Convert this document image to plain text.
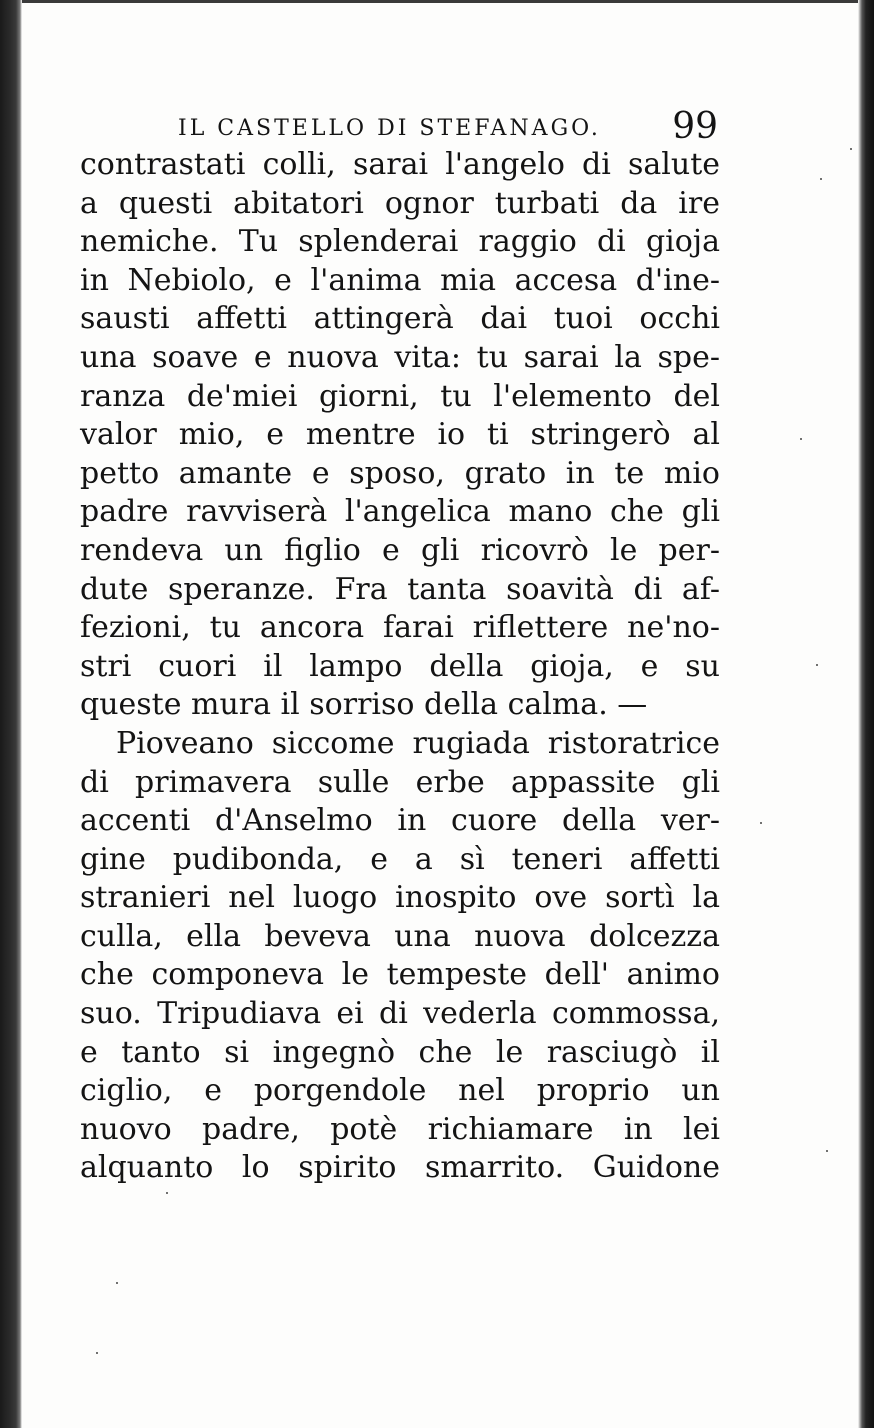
IL CASTELLO DI STEFANAGO. 99
contrastati colli, sarai l'angelo di salute
a questi abitatori ognor turbati da ire
nemiche. Tu splenderai raggio di gioja
in Nebiolo, e l'anima mia accesa d'ine-
sausti affetti attingerà dai tuoi occhi
una soave e nuova vita: tu sarai la spe-
ranza de'miei giorni, tu l'elemento del
valor mio, e mentre io ti stringerò al
petto amante e sposo, grato in te mio
padre ravviserà l'angelica mano che gli
rendeva un figlio e gli ricovrò le per-
dute speranze. Fra tanta soavità di af-
fezioni, tu ancora farai riflettere ne'no-
stri cuori il lampo della gioja, e su
queste mura il sorriso della calma. —
Pioveano siccome rugiada ristoratrice
di primavera sulle erbe appassite gli
accenti d'Anselmo in cuore della ver-
gine pudibonda, e a sì teneri affetti
stranieri nel luogo inospito ove sortì la
culla, ella beveva una nuova dolcezza
che componeva le tempeste dell' animo
suo. Tripudiava ei di vederla commossa,
e tanto si ingegnò che le rasciugò il
ciglio, e porgendole nel proprio un
nuovo padre, potè richiamare in lei
alquanto lo spirito smarrito. Guidone
